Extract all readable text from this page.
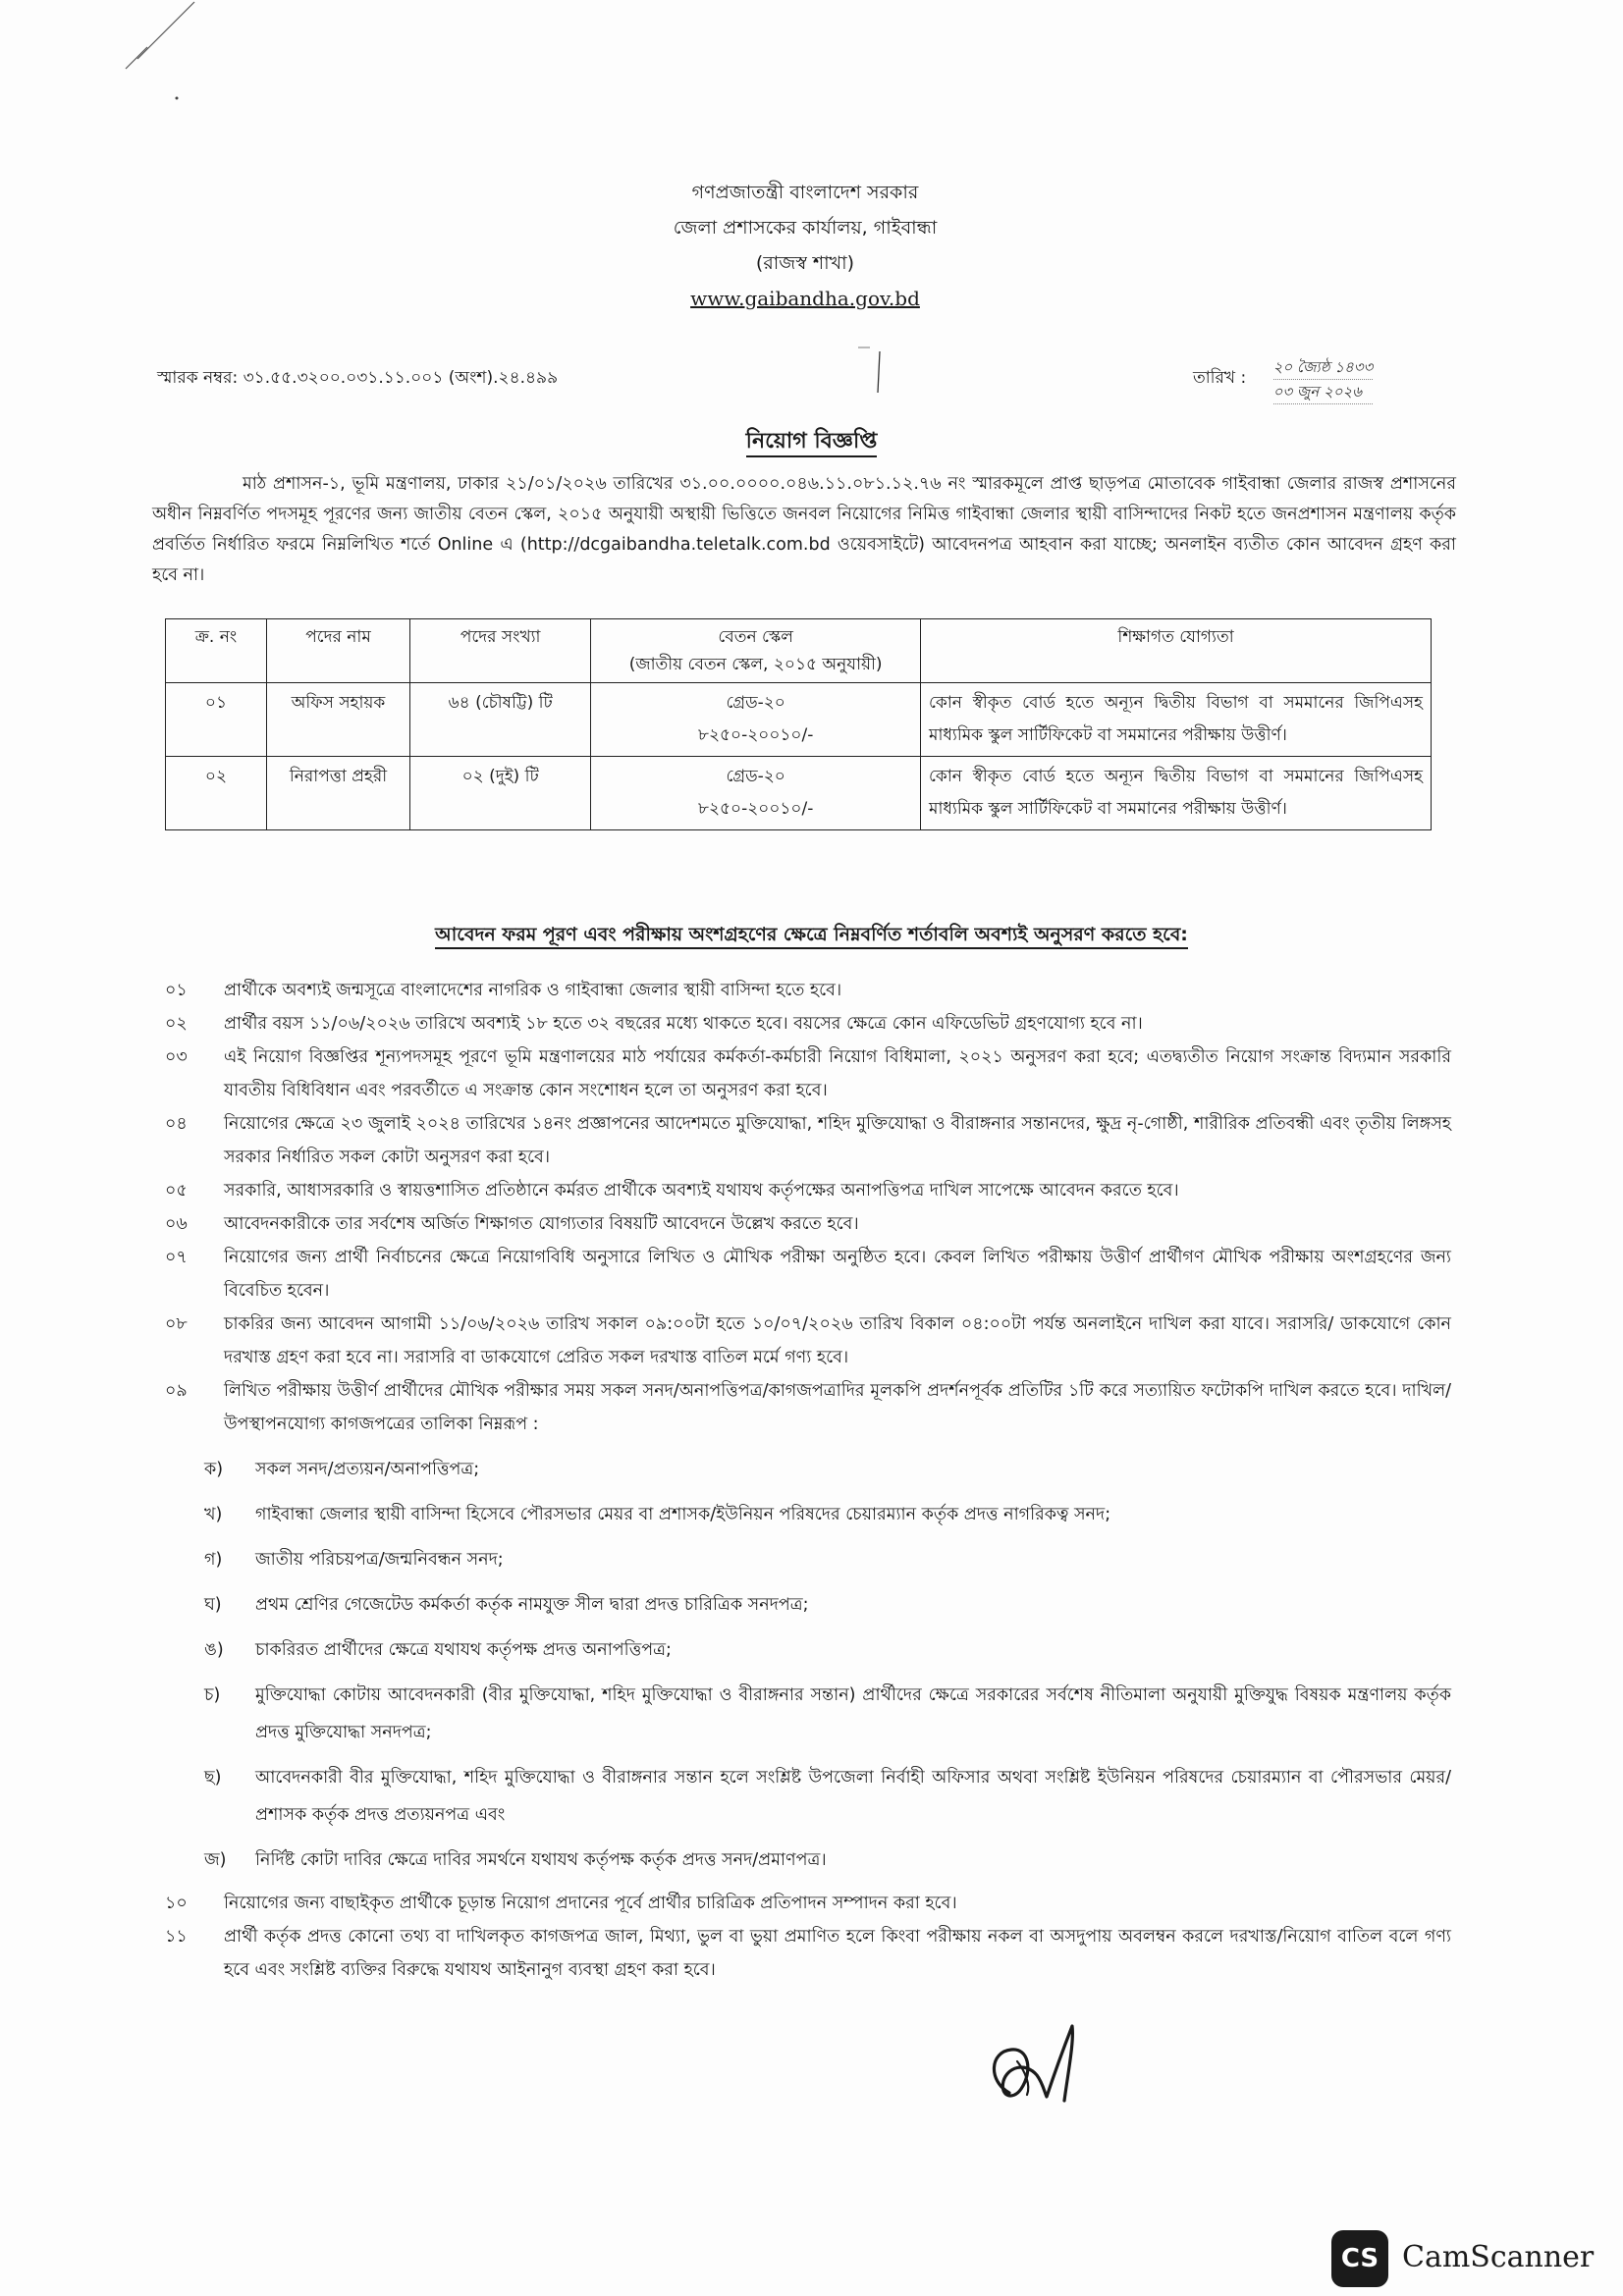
গণপ্রজাতন্ত্রী বাংলাদেশ সরকার
জেলা প্রশাসকের কার্যালয়, গাইবান্ধা
(রাজস্ব শাখা)
www.gaibandha.gov.bd
স্মারক নম্বর: ৩১.৫৫.৩২০০.০৩১.১১.০০১ (অংশ).২৪.৪৯৯	তারিখ :
২০ জ্যৈষ্ঠ ১৪৩৩
০৩ জুন ২০২৬
নিয়োগ বিজ্ঞপ্তি
মাঠ প্রশাসন-১, ভূমি মন্ত্রণালয়, ঢাকার ২১/০১/২০২৬ তারিখের ৩১.০০.০০০০.০৪৬.১১.০৮১.১২.৭৬ নং স্মারকমূলে প্রাপ্ত ছাড়পত্র মোতাবেক গাইবান্ধা জেলার রাজস্ব প্রশাসনের অধীন নিম্নবর্ণিত পদসমূহ পূরণের জন্য জাতীয় বেতন স্কেল, ২০১৫ অনুযায়ী অস্থায়ী ভিত্তিতে জনবল নিয়োগের নিমিত্ত গাইবান্ধা জেলার স্থায়ী বাসিন্দাদের নিকট হতে জনপ্রশাসন মন্ত্রণালয় কর্তৃক প্রবর্তিত নির্ধারিত ফরমে নিম্নলিখিত শর্তে Online এ (http://dcgaibandha.teletalk.com.bd ওয়েবসাইটে) আবেদনপত্র আহবান করা যাচ্ছে; অনলাইন ব্যতীত কোন আবেদন গ্রহণ করা হবে না।
ক্র. নং	পদের নাম	পদের সংখ্যা	বেতন স্কেল
(জাতীয় বেতন স্কেল, ২০১৫ অনুযায়ী)	শিক্ষাগত যোগ্যতা
০১	অফিস সহায়ক	৬৪ (চৌষট্টি) টি	গ্রেড-২০
৮২৫০-২০০১০/-	কোন স্বীকৃত বোর্ড হতে অন্যূন দ্বিতীয় বিভাগ বা সমমানের জিপিএসহ মাধ্যমিক স্কুল সার্টিফিকেট বা সমমানের পরীক্ষায় উত্তীর্ণ।
০২	নিরাপত্তা প্রহরী	০২ (দুই) টি	গ্রেড-২০
৮২৫০-২০০১০/-	কোন স্বীকৃত বোর্ড হতে অন্যূন দ্বিতীয় বিভাগ বা সমমানের জিপিএসহ মাধ্যমিক স্কুল সার্টিফিকেট বা সমমানের পরীক্ষায় উত্তীর্ণ।
আবেদন ফরম পূরণ এবং পরীক্ষায় অংশগ্রহণের ক্ষেত্রে নিম্নবর্ণিত শর্তাবলি অবশ্যই অনুসরণ করতে হবে:
০১ প্রার্থীকে অবশ্যই জন্মসূত্রে বাংলাদেশের নাগরিক ও গাইবান্ধা জেলার স্থায়ী বাসিন্দা হতে হবে।
০২ প্রার্থীর বয়স ১১/০৬/২০২৬ তারিখে অবশ্যই ১৮ হতে ৩২ বছরের মধ্যে থাকতে হবে। বয়সের ক্ষেত্রে কোন এফিডেভিট গ্রহণযোগ্য হবে না।
০৩ এই নিয়োগ বিজ্ঞপ্তির শূন্যপদসমূহ পূরণে ভূমি মন্ত্রণালয়ের মাঠ পর্যায়ের কর্মকর্তা-কর্মচারী নিয়োগ বিধিমালা, ২০২১ অনুসরণ করা হবে; এতদ্ব্যতীত নিয়োগ সংক্রান্ত বিদ্যমান সরকারি যাবতীয় বিধিবিধান এবং পরবর্তীতে এ সংক্রান্ত কোন সংশোধন হলে তা অনুসরণ করা হবে।
০৪ নিয়োগের ক্ষেত্রে ২৩ জুলাই ২০২৪ তারিখের ১৪নং প্রজ্ঞাপনের আদেশমতে মুক্তিযোদ্ধা, শহিদ মুক্তিযোদ্ধা ও বীরাঙ্গনার সন্তানদের, ক্ষুদ্র নৃ-গোষ্ঠী, শারীরিক প্রতিবন্ধী এবং তৃতীয় লিঙ্গসহ সরকার নির্ধারিত সকল কোটা অনুসরণ করা হবে।
০৫ সরকারি, আধাসরকারি ও স্বায়ত্তশাসিত প্রতিষ্ঠানে কর্মরত প্রার্থীকে অবশ্যই যথাযথ কর্তৃপক্ষের অনাপত্তিপত্র দাখিল সাপেক্ষে আবেদন করতে হবে।
০৬ আবেদনকারীকে তার সর্বশেষ অর্জিত শিক্ষাগত যোগ্যতার বিষয়টি আবেদনে উল্লেখ করতে হবে।
০৭ নিয়োগের জন্য প্রার্থী নির্বাচনের ক্ষেত্রে নিয়োগবিধি অনুসারে লিখিত ও মৌখিক পরীক্ষা অনুষ্ঠিত হবে। কেবল লিখিত পরীক্ষায় উত্তীর্ণ প্রার্থীগণ মৌখিক পরীক্ষায় অংশগ্রহণের জন্য বিবেচিত হবেন।
০৮ চাকরির জন্য আবেদন আগামী ১১/০৬/২০২৬ তারিখ সকাল ০৯:০০টা হতে ১০/০৭/২০২৬ তারিখ বিকাল ০৪:০০টা পর্যন্ত অনলাইনে দাখিল করা যাবে। সরাসরি/ ডাকযোগে কোন দরখাস্ত গ্রহণ করা হবে না। সরাসরি বা ডাকযোগে প্রেরিত সকল দরখাস্ত বাতিল মর্মে গণ্য হবে।
০৯ লিখিত পরীক্ষায় উত্তীর্ণ প্রার্থীদের মৌখিক পরীক্ষার সময় সকল সনদ/অনাপত্তিপত্র/কাগজপত্রাদির মূলকপি প্রদর্শনপূর্বক প্রতিটির ১টি করে সত্যায়িত ফটোকপি দাখিল করতে হবে। দাখিল/উপস্থাপনযোগ্য কাগজপত্রের তালিকা নিম্নরূপ :
ক) সকল সনদ/প্রত্যয়ন/অনাপত্তিপত্র;
খ) গাইবান্ধা জেলার স্থায়ী বাসিন্দা হিসেবে পৌরসভার মেয়র বা প্রশাসক/ইউনিয়ন পরিষদের চেয়ারম্যান কর্তৃক প্রদত্ত নাগরিকত্ব সনদ;
গ) জাতীয় পরিচয়পত্র/জন্মনিবন্ধন সনদ;
ঘ) প্রথম শ্রেণির গেজেটেড কর্মকর্তা কর্তৃক নামযুক্ত সীল দ্বারা প্রদত্ত চারিত্রিক সনদপত্র;
ঙ) চাকরিরত প্রার্থীদের ক্ষেত্রে যথাযথ কর্তৃপক্ষ প্রদত্ত অনাপত্তিপত্র;
চ) মুক্তিযোদ্ধা কোটায় আবেদনকারী (বীর মুক্তিযোদ্ধা, শহিদ মুক্তিযোদ্ধা ও বীরাঙ্গনার সন্তান) প্রার্থীদের ক্ষেত্রে সরকারের সর্বশেষ নীতিমালা অনুযায়ী মুক্তিযুদ্ধ বিষয়ক মন্ত্রণালয় কর্তৃক প্রদত্ত মুক্তিযোদ্ধা সনদপত্র;
ছ) আবেদনকারী বীর মুক্তিযোদ্ধা, শহিদ মুক্তিযোদ্ধা ও বীরাঙ্গনার সন্তান হলে সংশ্লিষ্ট উপজেলা নির্বাহী অফিসার অথবা সংশ্লিষ্ট ইউনিয়ন পরিষদের চেয়ারম্যান বা পৌরসভার মেয়র/প্রশাসক কর্তৃক প্রদত্ত প্রত্যয়নপত্র এবং
জ) নির্দিষ্ট কোটা দাবির ক্ষেত্রে দাবির সমর্থনে যথাযথ কর্তৃপক্ষ কর্তৃক প্রদত্ত সনদ/প্রমাণপত্র।
১০ নিয়োগের জন্য বাছাইকৃত প্রার্থীকে চূড়ান্ত নিয়োগ প্রদানের পূর্বে প্রার্থীর চারিত্রিক প্রতিপাদন সম্পাদন করা হবে।
১১ প্রার্থী কর্তৃক প্রদত্ত কোনো তথ্য বা দাখিলকৃত কাগজপত্র জাল, মিথ্যা, ভুল বা ভুয়া প্রমাণিত হলে কিংবা পরীক্ষায় নকল বা অসদুপায় অবলম্বন করলে দরখাস্ত/নিয়োগ বাতিল বলে গণ্য হবে এবং সংশ্লিষ্ট ব্যক্তির বিরুদ্ধে যথাযথ আইনানুগ ব্যবস্থা গ্রহণ করা হবে।
CS CamScanner
